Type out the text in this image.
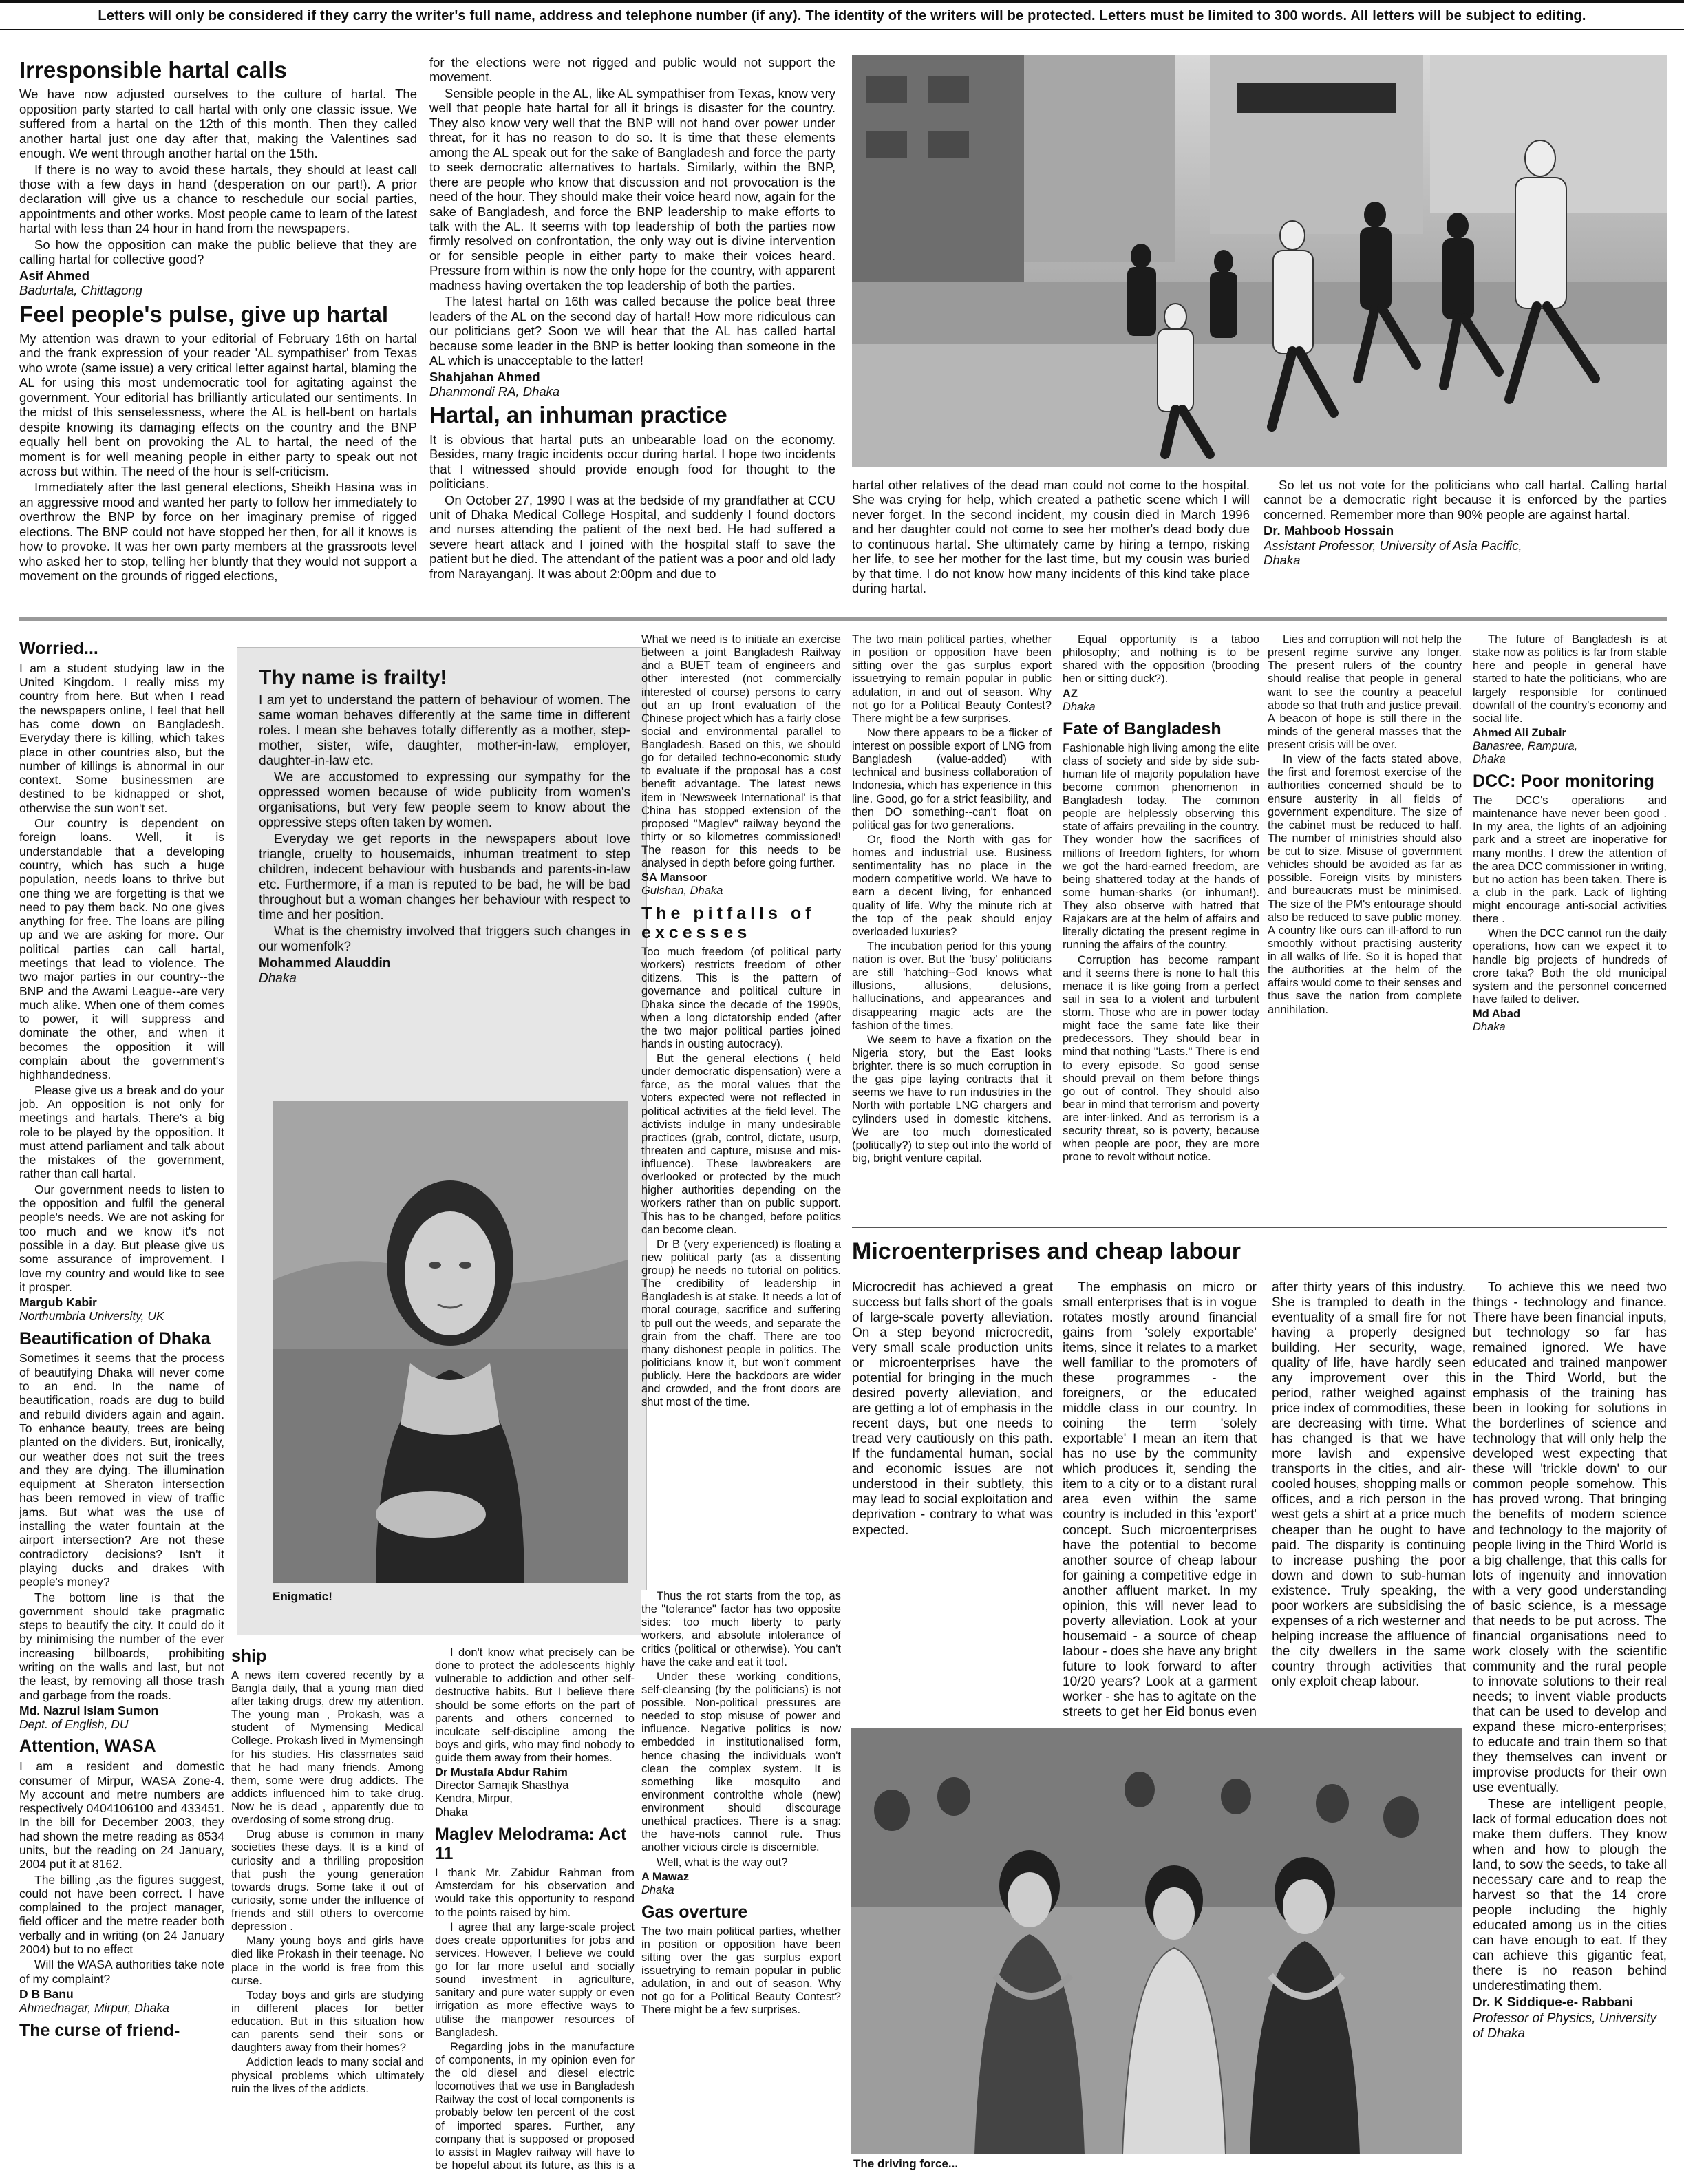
Letters will only be considered if they carry the writer's full name, address and telephone number (if any). The identity of the writers will be protected. Letters must be limited to 300 words. All letters will be subject to editing.
Irresponsible hartal calls

We have now adjusted ourselves to the culture of hartal. The opposition party started to call hartal with only one classic issue. We suffered from a hartal on the 12th of this month. Then they called another hartal just one day after that, making the Valentines sad enough. We went through another hartal on the 15th.

If there is no way to avoid these hartals, they should at least call those with a few days in hand (desperation on our part!). A prior declaration will give us a chance to reschedule our social parties, appointments and other works. Most people came to learn of the latest hartal with less than 24 hour in hand from the newspapers.

So how the opposition can make the public believe that they are calling hartal for collective good?

Asif Ahmed
Badurtala, Chittagong
Feel people's pulse, give up hartal

My attention was drawn to your editorial of February 16th on hartal and the frank expression of your reader 'AL sympathiser' from Texas who wrote (same issue) a very critical letter against hartal, blaming the AL for using this most undemocratic tool for agitating against the government. Your editorial has brilliantly articulated our sentiments. In the midst of this senselessness, where the AL is hell-bent on hartals despite knowing its damaging effects on the country and the BNP equally hell bent on provoking the AL to hartal, the need of the moment is for well meaning people in either party to speak out not across but within. The need of the hour is self-criticism.

Immediately after the last general elections, Sheikh Hasina was in an aggressive mood and wanted her party to follow her immediately to overthrow the BNP by force on her imaginary premise of rigged elections. The BNP could not have stopped her then, for all it knows is how to provoke. It was her own party members at the grassroots level who asked her to stop, telling her bluntly that they would not support a movement on the grounds of rigged elections,

for the elections were not rigged and public would not support the movement.

Sensible people in the AL, like AL sympathiser from Texas, know very well that people hate hartal for all it brings is disaster for the country. They also know very well that the BNP will not hand over power under threat, for it has no reason to do so. It is time that these elements among the AL speak out for the sake of Bangladesh and force the party to seek democratic alternatives to hartals. Similarly, within the BNP, there are people who know that discussion and not provocation is the need of the hour. They should make their voice heard now, again for the sake of Bangladesh, and force the BNP leadership to make efforts to talk with the AL. It seems with top leadership of both the parties now firmly resolved on confrontation, the only way out is divine intervention or for sensible people in either party to make their voices heard. Pressure from within is now the only hope for the country, with apparent madness having overtaken the top leadership of both the parties.

The latest hartal on 16th was called because the police beat three leaders of the AL on the second day of hartal! How more ridiculous can our politicians get? Soon we will hear that the AL has called hartal because some leader in the BNP is better looking than someone in the AL which is unacceptable to the latter!

Shahjahan Ahmed
Dhanmondi RA, Dhaka
Hartal, an inhuman practice

It is obvious that hartal puts an unbearable load on the economy. Besides, many tragic incidents occur during hartal. I hope two incidents that I witnessed should provide enough food for thought to the politicians.

On October 27, 1990 I was at the bedside of my grandfather at CCU unit of Dhaka Medical College Hospital, and suddenly I found doctors and nurses attending the patient of the next bed. He had suffered a severe heart attack and I joined with the hospital staff to save the patient but he died. The attendant of the patient was a poor and old lady from Narayanganj. It was about 2:00pm and due to

hartal other relatives of the dead man could not come to the hospital. She was crying for help, which created a pathetic scene which I will never forget. In the second incident, my cousin died in March 1996 and her daughter could not come to see her mother's dead body due to continuous hartal. She ultimately came by hiring a tempo, risking her life, to see her mother for the last time, but my cousin was buried by that time. I do not know how many incidents of this kind take place during hartal.

So let us not vote for the politicians who call hartal. Calling hartal cannot be a democratic right because it is enforced by the parties concerned. Remember more than 90% people are against hartal.

Dr. Mahboob Hossain
Assistant Professor, University of Asia Pacific,
Dhaka
Worried...

I am a student studying law in the United Kingdom. I really miss my country from here. But when I read the newspapers online, I feel that hell has come down on Bangladesh. Everyday there is killing, which takes place in other countries also, but the number of killings is abnormal in our context. Some businessmen are destined to be kidnapped or shot, otherwise the sun won't set.

Our country is dependent on foreign loans. Well, it is understandable that a developing country, which has such a huge population, needs loans to thrive but one thing we are forgetting is that we need to pay them back. No one gives anything for free. The loans are piling up and we are asking for more. Our political parties can call hartal, meetings that lead to violence. The two major parties in our country--the BNP and the Awami League--are very much alike. When one of them comes to power, it will suppress and dominate the other, and when it becomes the opposition it will complain about the government's highhandedness.

Please give us a break and do your job. An opposition is not only for meetings and hartals. There's a big role to be played by the opposition. It must attend parliament and talk about the mistakes of the government, rather than call hartal.

Our government needs to listen to the opposition and fulfil the general people's needs. We are not asking for too much and we know it's not possible in a day. But please give us some assurance of improvement. I love my country and would like to see it prosper.

Margub Kabir
Northumbria University, UK
Beautification of Dhaka

Sometimes it seems that the process of beautifying Dhaka will never come to an end. In the name of beautification, roads are dug to build and rebuild dividers again and again. To enhance beauty, trees are being planted on the dividers. But, ironically, our weather does not suit the trees and they are dying. The illumination equipment at Sheraton intersection has been removed in view of traffic jams. But what was the use of installing the water fountain at the airport intersection? Are not these contradictory decisions? Isn't it playing ducks and drakes with people's money?

The bottom line is that the government should take pragmatic steps to beautify the city. It could do it by minimising the number of the ever increasing billboards, prohibiting writing on the walls and last, but not the least, by removing all those trash and garbage from the roads.

Md. Nazrul Islam Sumon
Dept. of English, DU
Attention, WASA

I am a resident and domestic consumer of Mirpur, WASA Zone-4. My account and metre numbers are respectively 0404106100 and 433451. In the bill for December 2003, they had shown the metre reading as 8534 units, but the reading on 24 January, 2004 put it at 8162.

The billing ,as the figures suggest, could not have been correct. I have complained to the project manager, field officer and the metre reader both verbally and in writing (on 24 January 2004) but to no effect

Will the WASA authorities take note of my complaint?

D B Banu
Ahmednagar, Mirpur, Dhaka
The curse of friend-
Thy name is frailty!

I am yet to understand the pattern of behaviour of women. The same woman behaves differently at the same time in different roles. I mean she behaves totally differently as a mother, step-mother, sister, wife, daughter, mother-in-law, employer, daughter-in-law etc.

We are accustomed to expressing our sympathy for the oppressed women because of wide publicity from women's organisations, but very few people seem to know about the oppressive steps often taken by women.

Everyday we get reports in the newspapers about love triangle, cruelty to housemaids, inhuman treatment to step children, indecent behaviour with husbands and parents-in-law etc. Furthermore, if a man is reputed to be bad, he will be bad throughout but a woman changes her behaviour with respect to time and her position.

What is the chemistry involved that triggers such changes in our womenfolk?

Mohammed Alauddin
Dhaka
Enigmatic!
ship

A news item covered recently by a Bangla daily, that a young man died after taking drugs, drew my attention. The young man , Prokash, was a student of Mymensing Medical College. Prokash lived in Mymensingh for his studies. His classmates said that he had many friends. Among them, some were drug addicts. The addicts influenced him to take drug. Now he is dead , apparently due to overdosing of some strong drug.

Drug abuse is common in many societies these days. It is a kind of curiosity and a thrilling proposition that push the young generation towards drugs. Some take it out of curiosity, some under the influence of friends and still others to overcome depression .

Many young boys and girls have died like Prokash in their teenage. No place in the world is free from this curse.

Today boys and girls are studying in different places for better education. But in this situation how can parents send their sons or daughters away from their homes?

Addiction leads to many social and physical problems which ultimately ruin the lives of the addicts.

I don't know what precisely can be done to protect the adolescents highly vulnerable to addiction and other self-destructive habits. But I believe there should be some efforts on the part of parents and others concerned to inculcate self-discipline among the boys and girls, who may find nobody to guide them away from their homes.

Dr Mustafa Abdur Rahim
Director Samajik Shasthya
Kendra, Mirpur,
Dhaka
Maglev Melodrama: Act 11

I thank Mr. Zabidur Rahman from Amsterdam for his observation and would take this opportunity to respond to the points raised by him.

I agree that any large-scale project does create opportunities for jobs and services. However, I believe we could go for far more useful and socially sound investment in agriculture, sanitary and pure water supply or even irrigation as more effective ways to utilise the manpower resources of Bangladesh.

Regarding jobs in the manufacture of components, in my opinion even for the old diesel and diesel electric locomotives that we use in Bangladesh Railway the cost of local components is probably below ten percent of the cost of imported spares. Further, any company that is supposed or proposed to assist in Maglev railway will have to be hopeful about its future, as this is a

What we need is to initiate an exercise between a joint Bangladesh Railway and a BUET team of engineers and other interested (not commercially interested of course) persons to carry out an up front evaluation of the Chinese project which has a fairly close social and environmental parallel to Bangladesh. Based on this, we should go for detailed techno-economic study to evaluate if the proposal has a cost benefit advantage. The latest news item in 'Newsweek International' is that China has stopped extension of the proposed "Maglev" railway beyond the thirty or so kilometres commissioned! The reason for this needs to be analysed in depth before going further.

SA Mansoor
Gulshan, Dhaka
The pitfalls of excesses

Too much freedom (of political party workers) restricts freedom of other citizens. This is the pattern of governance and political culture in Dhaka since the decade of the 1990s, when a long dictatorship ended (after the two major political parties joined hands in ousting autocracy).

But the general elections ( held under democratic dispensation) were a farce, as the moral values that the voters expected were not reflected in political activities at the field level. The activists indulge in many undesirable practices (grab, control, dictate, usurp, threaten and capture, misuse and mis-influence). These lawbreakers are overlooked or protected by the much higher authorities depending on the workers rather than on public support. This has to be changed, before politics can become clean.

Dr B (very experienced) is floating a new political party (as a dissenting group) he needs no tutorial on politics. The credibility of leadership in Bangladesh is at stake. It needs a lot of moral courage, sacrifice and suffering to pull out the weeds, and separate the grain from the chaff. There are too many dishonest people in politics. The politicians know it, but won't comment publicly. Here the backdoors are wider and crowded, and the front doors are shut most of the time.

The two main political parties, whether in position or opposition have been sitting over the gas surplus export issuetrying to remain popular in public adulation, in and out of season. Why not go for a Political Beauty Contest? There might be a few surprises.

Now there appears to be a flicker of interest on possible export of LNG from Bangladesh (value-added) with technical and business collaboration of Indonesia, which has experience in this line. Good, go for a strict feasibility, and then DO something--can't float on political gas for two generations.

Or, flood the North with gas for homes and industrial use. Business sentimentality has no place in the modern competitive world. We have to earn a decent living, for enhanced quality of life. Why the minute rich at the top of the peak should enjoy overloaded luxuries?

The incubation period for this young nation is over. But the 'busy' politicians are still 'hatching--God knows what illusions, allusions, delusions, hallucinations, and appearances and disappearing magic acts are the fashion of the times.

We seem to have a fixation on the Nigeria story, but the East looks brighter. there is so much corruption in the gas pipe laying contracts that it seems we have to run industries in the North with portable LNG chargers and cylinders used in domestic kitchens. We are too much domesticated (politically?) to step out into the world of big, bright venture capital.

Equal opportunity is a taboo philosophy; and nothing is to be shared with the opposition (brooding hen or sitting duck?).

AZ
Dhaka
Fate of Bangladesh

Fashionable high living among the elite class of society and side by side sub-human life of majority population have become common phenomenon in Bangladesh today. The common people are helplessly observing this state of affairs prevailing in the country. They wonder how the sacrifices of millions of freedom fighters, for whom we got the hard-earned freedom, are being shattered today at the hands of some human-sharks (or inhuman!). They also observe with hatred that Rajakars are at the helm of affairs and literally dictating the present regime in running the affairs of the country.

Corruption has become rampant and it seems there is none to halt this menace it is like going from a perfect sail in sea to a violent and turbulent storm. Those who are in power today might face the same fate like their predecessors. They should bear in mind that nothing "Lasts." There is end to every episode. So good sense should prevail on them before things go out of control. They should also bear in mind that terrorism and poverty are inter-linked. And as terrorism is a security threat, so is poverty, because when people are poor, they are more prone to revolt without notice.

Lies and corruption will not help the present regime survive any longer. The present rulers of the country should realise that people in general want to see the country a peaceful abode so that truth and justice prevail. A beacon of hope is still there in the minds of the general masses that the present crisis will be over.

In view of the facts stated above, the first and foremost exercise of the authorities concerned should be to ensure austerity in all fields of government expenditure. The size of the cabinet must be reduced to half. The number of ministries should also be cut to size. Misuse of government vehicles should be avoided as far as possible. Foreign visits by ministers and bureaucrats must be minimised. The size of the PM's entourage should also be reduced to save public money. A country like ours can ill-afford to run smoothly without practising austerity in all walks of life. So it is hoped that the authorities at the helm of the affairs would come to their senses and thus save the nation from complete annihilation.

The future of Bangladesh is at stake now as politics is far from stable here and people in general have started to hate the politicians, who are largely responsible for continued downfall of the country's economy and social life.

Ahmed Ali Zubair
Banasree, Rampura,
Dhaka
DCC: Poor monitoring

The DCC's operations and maintenance have never been good . In my area, the lights of an adjoining park and a street are inoperative for many months. I drew the attention of the area DCC commissioner in writing, but no action has been taken. There is a club in the park. Lack of lighting might encourage anti-social activities there .

When the DCC cannot run the daily operations, how can we expect it to handle big projects of hundreds of crore taka? Both the old municipal system and the personnel concerned have failed to deliver.

Md Abad
Dhaka
Microenterprises and cheap labour

Microcredit has achieved a great success but falls short of the goals of large-scale poverty alleviation. On a step beyond microcredit, very small scale production units or microenterprises have the potential for bringing in the much desired poverty alleviation, and are getting a lot of emphasis in the recent days, but one needs to tread very cautiously on this path. If the fundamental human, social and economic issues are not understood in their subtlety, this may lead to social exploitation and deprivation - contrary to what was expected.

The emphasis on micro or small enterprises that is in vogue rotates mostly around financial gains from 'solely exportable' items, since it relates to a market well familiar to the promoters of these programmes - the foreigners, or the educated middle class in our country. In coining the term 'solely exportable' I mean an item that has no use by the community which produces it, sending the item to a city or to a distant rural area even within the same country is included in this 'export' concept. Such microenterprises have the potential to become another source of cheap labour for gaining a competitive edge in another affluent market. In my opinion, this will never lead to poverty alleviation. Look at your housemaid - a source of cheap labour - does she have any bright future to look forward to after 10/20 years? Look at a garment worker - she has to agitate on the streets to get her Eid bonus even after thirty years of this industry. She is trampled to death in the eventuality of a small fire for not having a properly designed building. Her security, wage, quality of life, have hardly seen any improvement over this period, rather weighed against price index of commodities, these are decreasing with time. What has changed is that we have more lavish and expensive transports in the cities, and air-cooled houses, shopping malls or offices, and a rich person in the west gets a shirt at a price much cheaper than he ought to have paid. The disparity is continuing to increase pushing the poor down and down to sub-human existence. Truly speaking, the poor workers are subsidising the expenses of a rich westerner and helping increase the affluence of the city dwellers in the same country through activities that only exploit cheap labour.

To achieve this we need two things - technology and finance. There have been financial inputs, but technology so far has remained ignored. We have educated and trained manpower in the Third World, but the emphasis of the training has been in looking for solutions in the borderlines of science and technology that will only help the developed west expecting that these will 'trickle down' to our common people somehow. This has proved wrong. That bringing the benefits of modern science and technology to the majority of people living in the Third World is a big challenge, that this calls for lots of ingenuity and innovation with a very good understanding of basic science, is a message that needs to be put across. The financial organisations need to work closely with the scientific community and the rural people to innovate solutions to their real needs; to invent viable products that can be used to develop and expand these micro-enterprises; to educate and train them so that they themselves can invent or improvise products for their own use eventually.

These are intelligent people, lack of formal education does not make them duffers. They know when and how to plough the land, to sow the seeds, to take all necessary care and to reap the harvest so that the 14 crore people including the highly educated among us in the cities can have enough to eat. If they can achieve this gigantic feat, there is no reason behind underestimating them.

Dr. K Siddique-e- Rabbani
Professor of Physics, University
of Dhaka
The driving force...

Thus the rot starts from the top, as the "tolerance" factor has two opposite sides: too much liberty to party workers, and absolute intolerance of critics (political or otherwise). You can't have the cake and eat it too!.

Under these working conditions, self-cleansing (by the politicians) is not possible. Non-political pressures are needed to stop misuse of power and influence. Negative politics is now embedded in institutionalised form, hence chasing the individuals won't clean the complex system. It is something like mosquito and environment controlthe whole (new) environment should discourage unethical practices. There is a snag: the have-nots cannot rule. Thus another vicious circle is discernible.

Well, what is the way out?

A Mawaz
Dhaka
Gas overture

The two main political parties, whether in position or opposition have been sitting over the gas surplus export issuetrying to remain popular in public adulation, in and out of season. Why not go for a Political Beauty Contest? There might be a few surprises.
